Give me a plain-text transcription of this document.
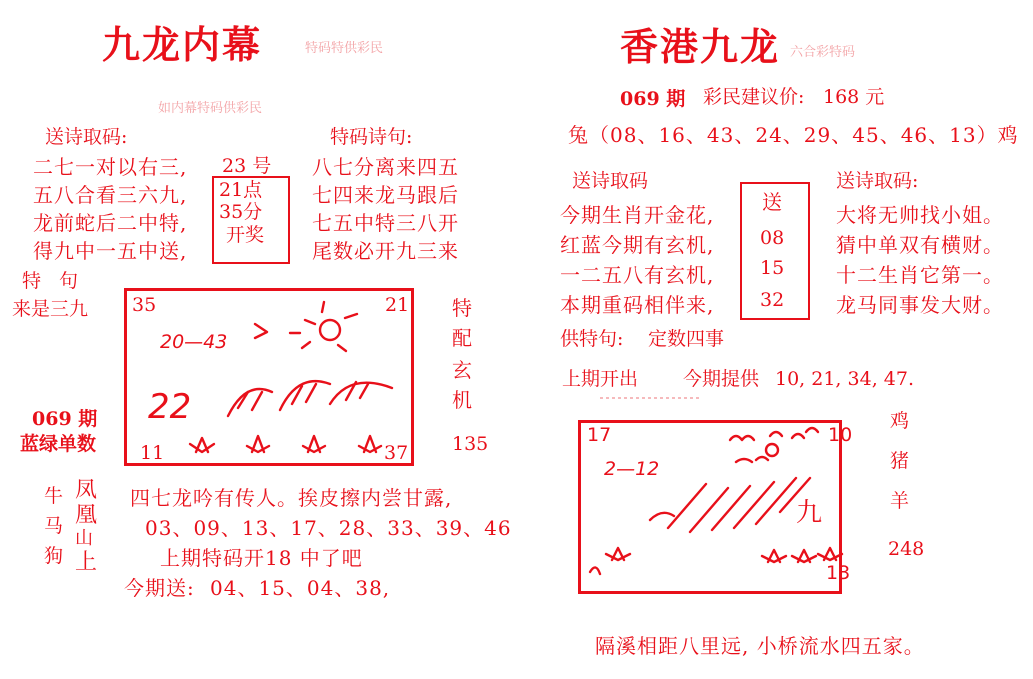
九龙内幕	特码特供彩民
如内幕特码供彩民
送诗取码:	特码诗句:
二七一对以右三,
五八合看三六九,
龙前蛇后二中特,
得九中一五中送,
八七分离来四五
七四来龙马跟后
七五中特三八开
尾数必开九三来
23 号
21点
35分
开奖
特 句
来是三九
069 期
蓝绿单数
35	21
11	37
20—43
22
特
配
玄
机
135
牛
马
狗
凤
凰
山
上
四七龙吟有传人。挨皮擦内尝甘露,
03、09、13、17、28、33、39、46
上期特码开18 中了吧
今期送: 04、15、04、38,
香港九龙 六合彩特码
069 期 彩民建议价: 168 元
兔（08、16、43、24、29、45、46、13）鸡
送诗取码	送诗取码:
今期生肖开金花,
红蓝今期有玄机,
一二五八有玄机,
本期重码相伴来,
大将无帅找小姐。
猜中单双有横财。
十二生肖它第一。
龙马同事发大财。
送
08
15
32
供特句: 定数四事
上期开出 今期提供 10, 21, 34, 47.
17	10
13
2—12
九
鸡
猪
羊
248
隔溪相距八里远, 小桥流水四五家。
